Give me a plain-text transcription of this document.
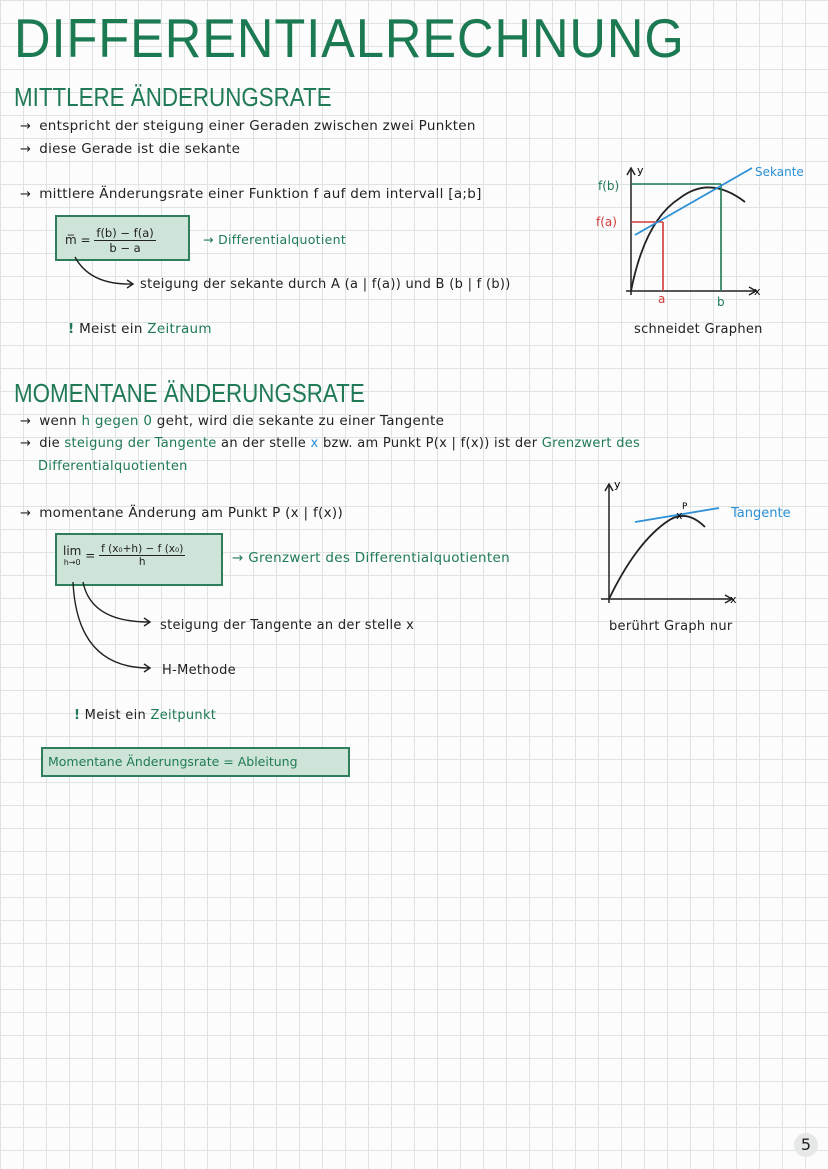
DIFFERENTIALRECHNUNG
MITTLERE ÄNDERUNGSRATE
→ entspricht der steigung einer Geraden zwischen zwei Punkten
→ diese Gerade ist die sekante
→ mittlere Änderungsrate einer Funktion f auf dem intervall [a;b]
m̅ = $\frac{f(b) - f(a)}{b - a}$	→ Differentialquotient
steigung der sekante durch A (a | f(a)) und B (b | f (b))
! Meist ein Zeitraum
y
x
f(b)
f(a)
a	b
Sekante
schneidet Graphen
MOMENTANE ÄNDERUNGSRATE
→ wenn h gegen 0 geht, wird die sekante zu einer Tangente
→ die steigung der Tangente an der stelle x bzw. am Punkt P(x | f(x)) ist der Grenzwert des
Differentialquotienten
→ momentane Änderung am Punkt P (x | f(x))
lim
$h\to 0 = \frac{\text{f (x₀+h) − f (x₀)}}{h}$	→ Grenzwert des Differentialquotienten
steigung der Tangente an der stelle x
H-Methode
! Meist ein Zeitpunkt
Momentane Änderungsrate = Ableitung
x
P
y
x
Tangente
berührt Graph nur
5
